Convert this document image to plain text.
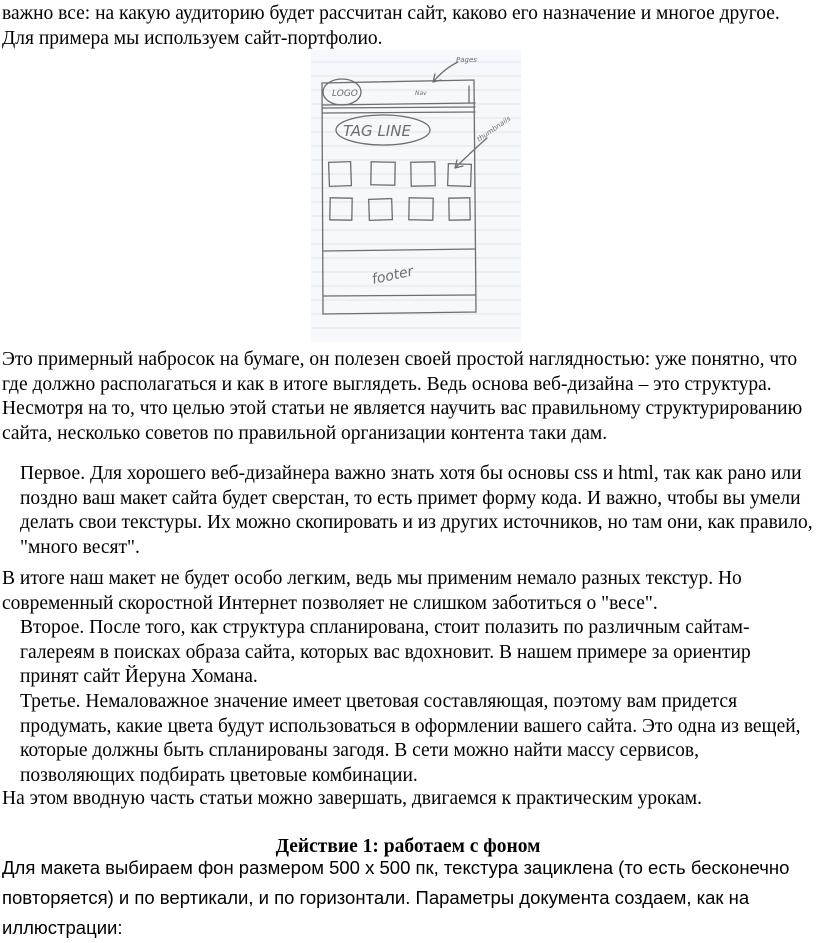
важно все: на какую аудиторию будет рассчитан сайт, каково его назначение и многое другое. Для примера мы используем сайт-портфолио.

LOGO	Nav
Pages
TAG LINE	thumbnails
footer

Это примерный набросок на бумаге, он полезен своей простой наглядностью: уже понятно, что где должно располагаться и как в итоге выглядеть. Ведь основа веб-дизайна – это структура. Несмотря на то, что целью этой статьи не является научить вас правильному структурированию сайта, несколько советов по правильной организации контента таки дам.

Первое. Для хорошего веб-дизайнера важно знать хотя бы основы css и html, так как рано или поздно ваш макет сайта будет сверстан, то есть примет форму кода. И важно, чтобы вы умели делать свои текстуры. Их можно скопировать и из других источников, но там они, как правило, "много весят".

В итоге наш макет не будет особо легким, ведь мы применим немало разных текстур. Но современный скоростной Интернет позволяет не слишком заботиться о "весе".

Второе. После того, как структура спланирована, стоит полазить по различным сайтам-галереям в поисках образа сайта, которых вас вдохновит. В нашем примере за ориентир принят сайт Йеруна Хомана.

Третье. Немаловажное значение имеет цветовая составляющая, поэтому вам придется продумать, какие цвета будут использоваться в оформлении вашего сайта. Это одна из вещей, которые должны быть спланированы загодя. В сети можно найти массу сервисов, позволяющих подбирать цветовые комбинации.

На этом вводную часть статьи можно завершать, двигаемся к практическим урокам.

Действие 1: работаем с фоном

Для макета выбираем фон размером 500 x 500 пк, текстура зациклена (то есть бесконечно повторяется) и по вертикали, и по горизонтали. Параметры документа создаем, как на иллюстрации:
